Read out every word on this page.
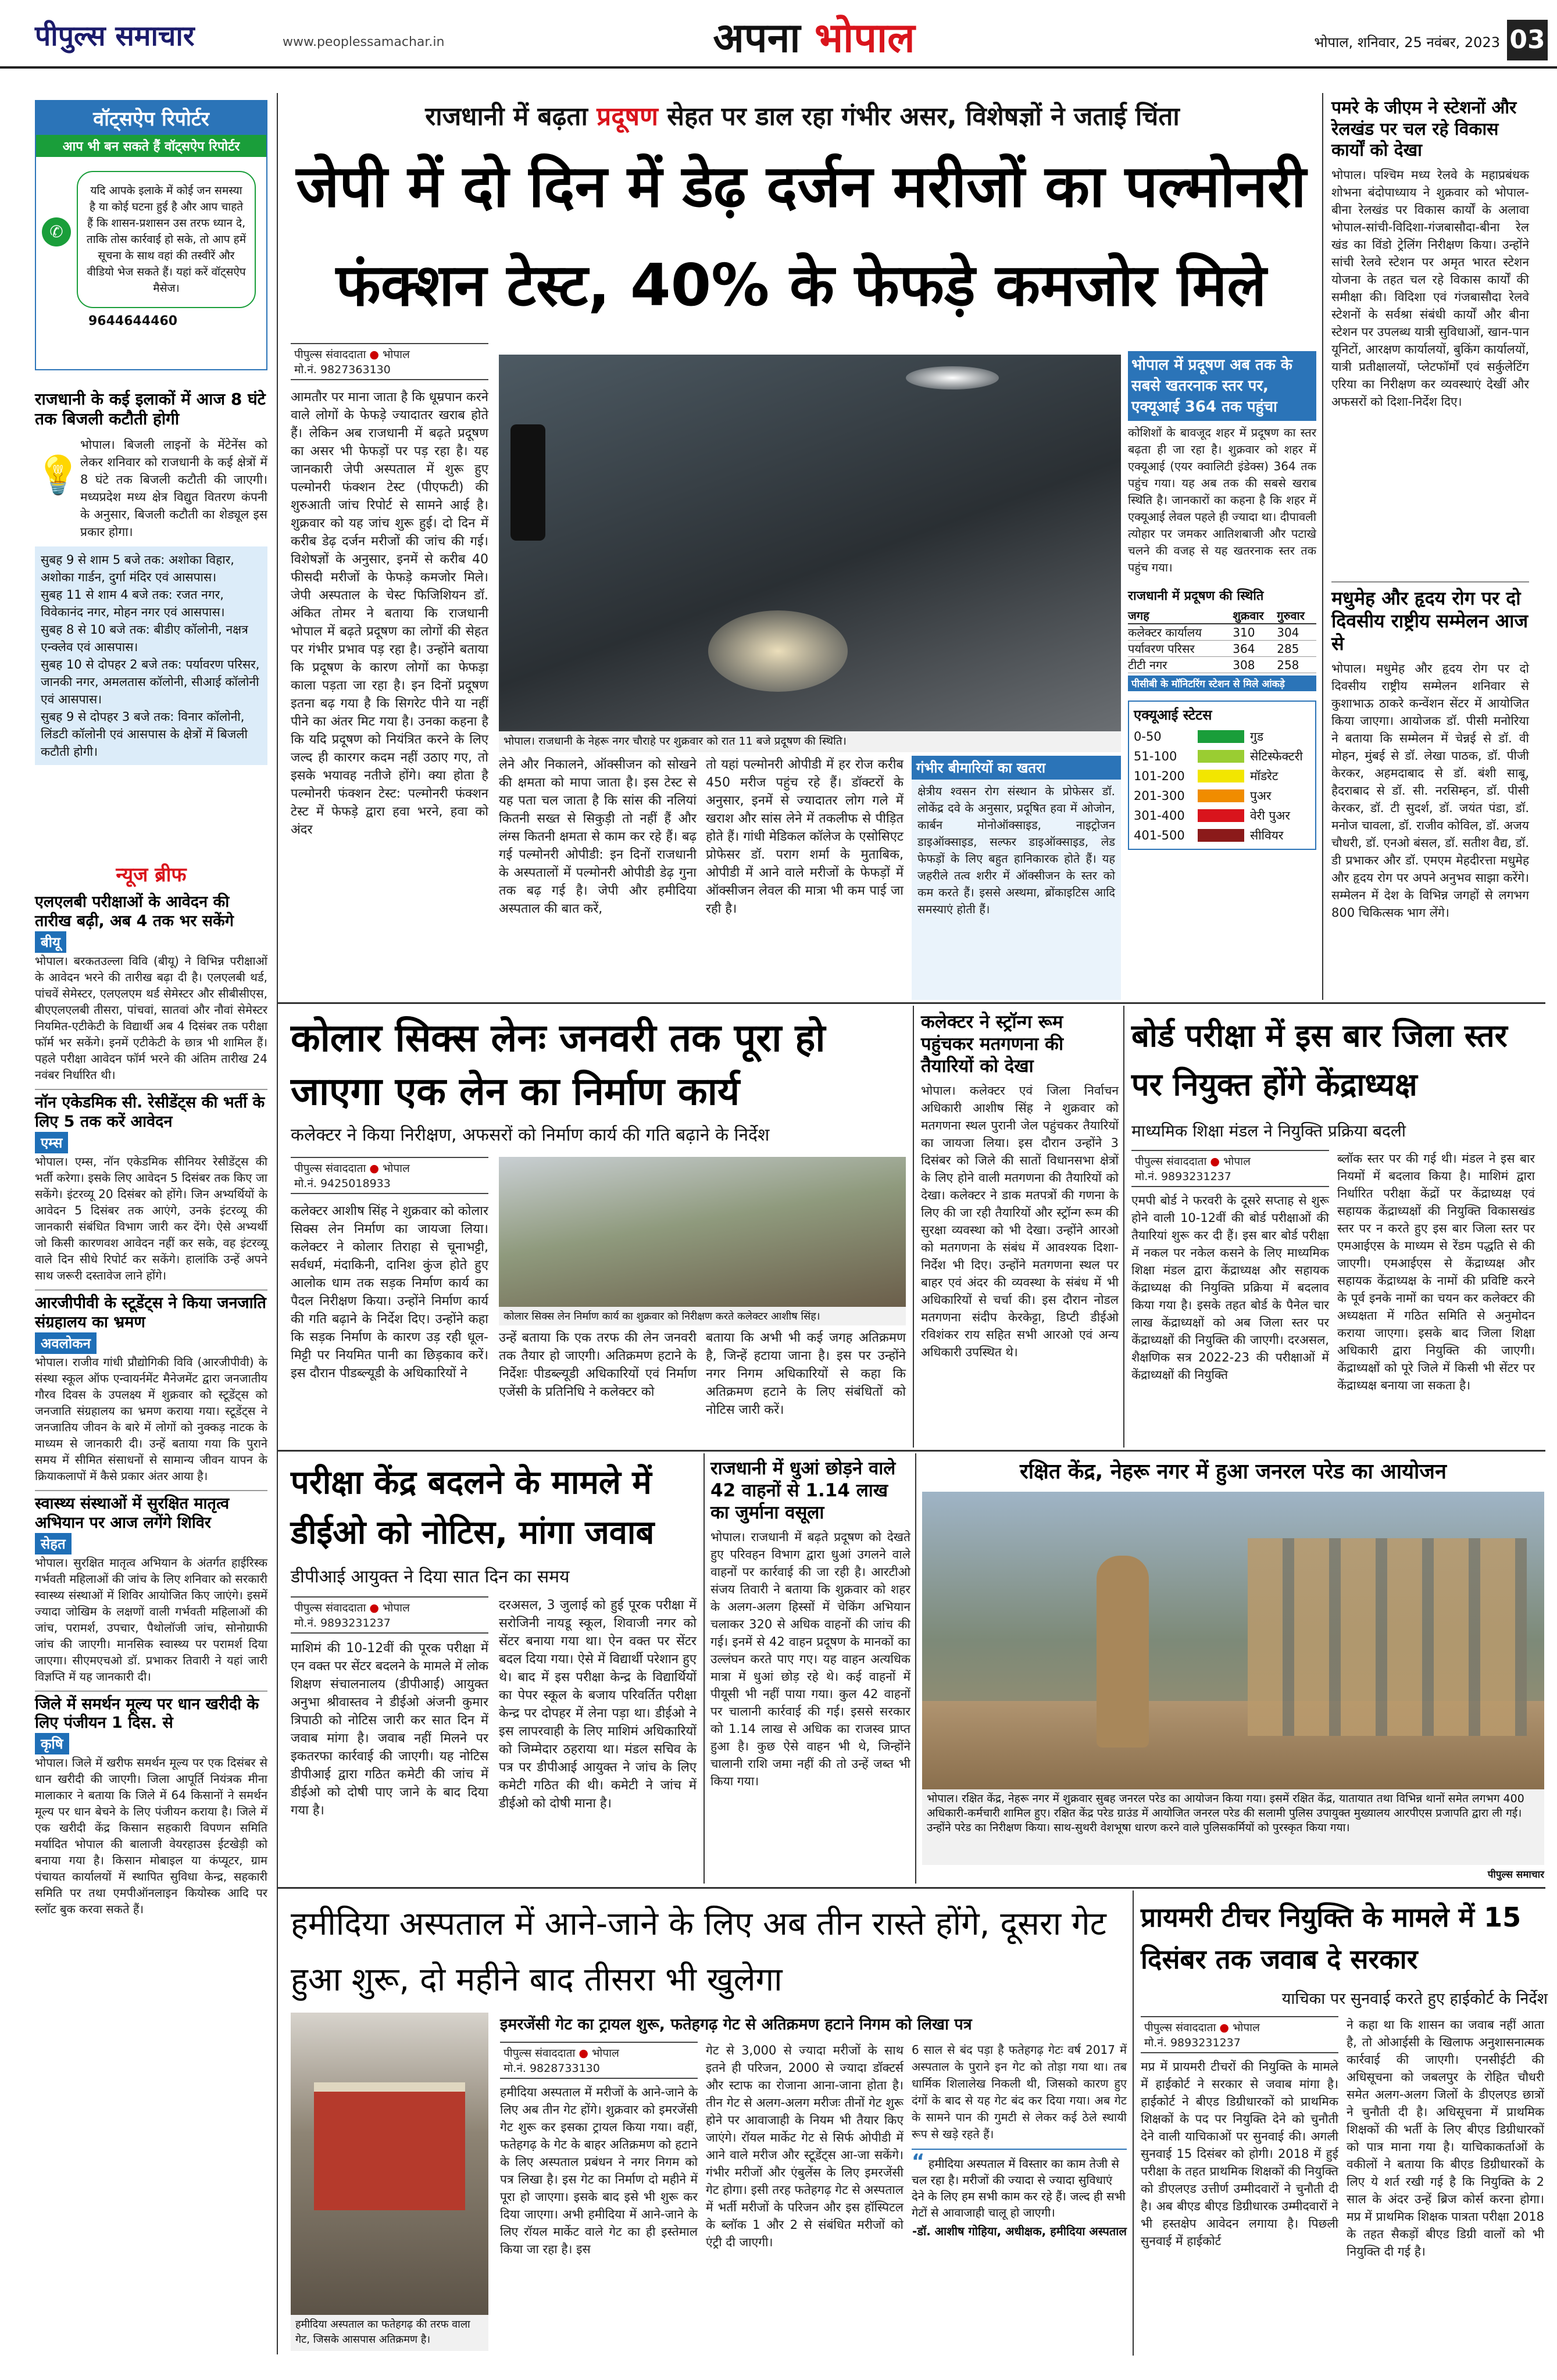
पीपुल्स समाचार	www.peoplessamachar.in	अपना भोपाल	भोपाल, शनिवार, 25 नवंबर, 2023 03
वॉट्सऐप रिपोर्टर
आप भी बन सकते हैं वॉट्सऐप रिपोर्टर
यदि आपके इलाके में कोई जन समस्या है या कोई घटना हुई है और आप चाहते हैं कि शासन-प्रशासन उस तरफ ध्यान दे, ताकि तोस कार्रवाई हो सके, तो आप हमें सूचना के साथ वहां की तस्वीरें और वीडियो भेज सकते हैं। यहां करें वॉट्सऐप मैसेज।
9644644460
✆
राजधानी के कई इलाकों में आज 8 घंटे तक बिजली कटौती होगी
💡
भोपाल। बिजली लाइनों के मेंटेनेंस को लेकर शनिवार को राजधानी के कई क्षेत्रों में 8 घंटे तक बिजली कटौती की जाएगी। मध्यप्रदेश मध्य क्षेत्र विद्युत वितरण कंपनी के अनुसार, बिजली कटौती का शेड्यूल इस प्रकार होगा।
सुबह 9 से शाम 5 बजे तक: अशोका विहार, अशोका गार्डन, दुर्गा मंदिर एवं आसपास।
सुबह 11 से शाम 4 बजे तक: रजत नगर, विवेकानंद नगर, मोहन नगर एवं आसपास।
सुबह 8 से 10 बजे तक: बीडीए कॉलोनी, नक्षत्र एन्क्लेव एवं आसपास।
सुबह 10 से दोपहर 2 बजे तक: पर्यावरण परिसर, जानकी नगर, अमलतास कॉलोनी, सीआई कॉलोनी एवं आसपास।
सुबह 9 से दोपहर 3 बजे तक: विनार कॉलोनी, लिंडटी कॉलोनी एवं आसपास के क्षेत्रों में बिजली कटौती होगी।
न्यूज ब्रीफ
एलएलबी परीक्षाओं के आवेदन की तारीख बढ़ी, अब 4 तक भर सकेंगे
बीयू
भोपाल। बरकतउल्ला विवि (बीयू) ने विभिन्न परीक्षाओं के आवेदन भरने की तारीख बढ़ा दी है। एलएलबी थर्ड, पांचवें सेमेस्टर, एलएलएम थर्ड सेमेस्टर और सीबीसीएस, बीएएलएलबी तीसरा, पांचवां, सातवां और नौवां सेमेस्टर नियमित-एटीकेटी के विद्यार्थी अब 4 दिसंबर तक परीक्षा फॉर्म भर सकेंगे। इनमें एटीकेटी के छात्र भी शामिल हैं। पहले परीक्षा आवेदन फॉर्म भरने की अंतिम तारीख 24 नवंबर निर्धारित थी।
नॉन एकेडमिक सी. रेसीडेंट्स की भर्ती के लिए 5 तक करें आवेदन
एम्स
भोपाल। एम्स, नॉन एकेडमिक सीनियर रेसीडेंट्स की भर्ती करेगा। इसके लिए आवेदन 5 दिसंबर तक किए जा सकेंगे। इंटरव्यू 20 दिसंबर को होंगे। जिन अभ्यर्थियों के आवेदन 5 दिसंबर तक आएंगे, उनके इंटरव्यू की जानकारी संबंधित विभाग जारी कर देंगे। ऐसे अभ्यर्थी जो किसी कारणवश आवेदन नहीं कर सके, वह इंटरव्यू वाले दिन सीधे रिपोर्ट कर सकेंगे। हालांकि उन्हें अपने साथ जरूरी दस्तावेज लाने होंगे।
आरजीपीवी के स्टूडेंट्स ने किया जनजाति संग्रहालय का भ्रमण
अवलोकन
भोपाल। राजीव गांधी प्रौद्योगिकी विवि (आरजीपीवी) के संस्था स्कूल ऑफ एन्वायर्नमेंट मैनेजमेंट द्वारा जनजातीय गौरव दिवस के उपलक्ष्य में शुक्रवार को स्टूडेंट्स को जनजाति संग्रहालय का भ्रमण कराया गया। स्टूडेंट्स ने जनजातिय जीवन के बारे में लोगों को नुक्कड़ नाटक के माध्यम से जानकारी दी। उन्हें बताया गया कि पुराने समय में सीमित संसाधनों से सामान्य जीवन यापन के क्रियाकलापों में कैसे प्रकार अंतर आया है।
स्वास्थ्य संस्थाओं में सुरक्षित मातृत्व अभियान पर आज लगेंगे शिविर
सेहत
भोपाल। सुरक्षित मातृत्व अभियान के अंतर्गत हाईरिस्क गर्भवती महिलाओं की जांच के लिए शनिवार को सरकारी स्वास्थ्य संस्थाओं में शिविर आयोजित किए जाएंगे। इसमें ज्यादा जोखिम के लक्षणों वाली गर्भवती महिलाओं की जांच, परामर्श, उपचार, पैथोलॉजी जांच, सोनोग्राफी जांच की जाएगी। मानसिक स्वास्थ्य पर परामर्श दिया जाएगा। सीएमएचओ डॉ. प्रभाकर तिवारी ने यहां जारी विज्ञप्ति में यह जानकारी दी।
जिले में समर्थन मूल्य पर धान खरीदी के लिए पंजीयन 1 दिस. से
कृषि
भोपाल। जिले में खरीफ समर्थन मूल्य पर एक दिसंबर से धान खरीदी की जाएगी। जिला आपूर्ति नियंत्रक मीना मालाकार ने बताया कि जिले में 64 किसानों ने समर्थन मूल्य पर धान बेचने के लिए पंजीयन कराया है। जिले में एक खरीदी केंद्र किसान सहकारी विपणन समिति मर्यादित भोपाल की बालाजी वेयरहाउस ईटखेड़ी को बनाया गया है। किसान मोबाइल या कंप्यूटर, ग्राम पंचायत कार्यालयों में स्थापित सुविधा केन्द्र, सहकारी समिति पर तथा एमपीऑनलाइन कियोस्क आदि पर स्लॉट बुक करवा सकते हैं।
राजधानी में बढ़ता प्रदूषण सेहत पर डाल रहा गंभीर असर, विशेषज्ञों ने जताई चिंता
जेपी में दो दिन में डेढ़ दर्जन मरीजों का पल्मोनरी फंक्शन टेस्ट, 40% के फेफड़े कमजोर मिले
पीपुल्स संवाददाता ● भोपाल
मो.नं. 9827363130
आमतौर पर माना जाता है कि धूम्रपान करने वाले लोगों के फेफड़े ज्यादातर खराब होते हैं। लेकिन अब राजधानी में बढ़ते प्रदूषण का असर भी फेफड़ों पर पड़ रहा है। यह जानकारी जेपी अस्पताल में शुरू हुए पल्मोनरी फंक्शन टेस्ट (पीएफटी) की शुरुआती जांच रिपोर्ट से सामने आई है। शुक्रवार को यह जांच शुरू हुई। दो दिन में करीब डेढ़ दर्जन मरीजों की जांच की गई। विशेषज्ञों के अनुसार, इनमें से करीब 40 फीसदी मरीजों के फेफड़े कमजोर मिले। जेपी अस्पताल के चेस्ट फिजिशियन डॉ. अंकित तोमर ने बताया कि राजधानी भोपाल में बढ़ते प्रदूषण का लोगों की सेहत पर गंभीर प्रभाव पड़ रहा है। उन्होंने बताया कि प्रदूषण के कारण लोगों का फेफड़ा काला पड़ता जा रहा है। इन दिनों प्रदूषण इतना बढ़ गया है कि सिगरेट पीने या नहीं पीने का अंतर मिट गया है। उनका कहना है कि यदि प्रदूषण को नियंत्रित करने के लिए जल्द ही कारगर कदम नहीं उठाए गए, तो इसके भयावह नतीजे होंगे। क्या होता है पल्मोनरी फंक्शन टेस्ट: पल्मोनरी फंक्शन टेस्ट में फेफड़े द्वारा हवा भरने, हवा को अंदर
भोपाल। राजधानी के नेहरू नगर चौराहे पर शुक्रवार को रात 11 बजे प्रदूषण की स्थिति।
लेने और निकालने, ऑक्सीजन को सोखने की क्षमता को मापा जाता है। इस टेस्ट से यह पता चल जाता है कि सांस की नलियां कितनी सख्त से सिकुड़ी तो नहीं हैं और लंग्स कितनी क्षमता से काम कर रहे हैं। बढ़ गई पल्मोनरी ओपीडी: इन दिनों राजधानी के अस्पतालों में पल्मोनरी ओपीडी डेढ़ गुना तक बढ़ गई है। जेपी और हमीदिया अस्पताल की बात करें,
तो यहां पल्मोनरी ओपीडी में हर रोज करीब 450 मरीज पहुंच रहे हैं। डॉक्टरों के अनुसार, इनमें से ज्यादातर लोग गले में खराश और सांस लेने में तकलीफ से पीड़ित होते हैं। गांधी मेडिकल कॉलेज के एसोसिएट प्रोफेसर डॉ. पराग शर्मा के मुताबिक, ओपीडी में आने वाले मरीजों के फेफड़ों में ऑक्सीजन लेवल की मात्रा भी कम पाई जा रही है।
गंभीर बीमारियों का खतरा
क्षेत्रीय श्वसन रोग संस्थान के प्रोफेसर डॉ. लोकेंद्र दवे के अनुसार, प्रदूषित हवा में ओजोन, कार्बन मोनोऑक्साइड, नाइट्रोजन डाइऑक्साइड, सल्फर डाइऑक्साइड, लेड फेफड़ों के लिए बहुत हानिकारक होते हैं। यह जहरीले तत्व शरीर में ऑक्सीजन के स्तर को कम करते हैं। इससे अस्थमा, ब्रोंकाइटिस आदि समस्याएं होती हैं।
भोपाल में प्रदूषण अब तक के सबसे खतरनाक स्तर पर, एक्यूआई 364 तक पहुंचा
कोशिशों के बावजूद शहर में प्रदूषण का स्तर बढ़ता ही जा रहा है। शुक्रवार को शहर में एक्यूआई (एयर क्वालिटी इंडेक्स) 364 तक पहुंच गया। यह अब तक की सबसे खराब स्थिति है। जानकारों का कहना है कि शहर में एक्यूआई लेवल पहले ही ज्यादा था। दीपावली त्योहार पर जमकर आतिशबाजी और पटाखे चलने की वजह से यह खतरनाक स्तर तक पहुंच गया।
राजधानी में प्रदूषण की स्थिति
जगह	शुक्रवार	गुरुवार
कलेक्टर कार्यालय	310	304
पर्यावरण परिसर	364	285
टीटी नगर	308	258
पीसीबी के मॉनिटरिंग स्टेशन से मिले आंकड़े
एक्यूआई स्टेटस
0-50	गुड
51-100	सेटिस्फेक्टरी
101-200	मॉडरेट
201-300	पुअर
301-400	वेरी पुअर
401-500	सीवियर
पमरे के जीएम ने स्टेशनों और रेलखंड पर चल रहे विकास कार्यों को देखा
भोपाल। पश्चिम मध्य रेलवे के महाप्रबंधक शोभना बंदोपाध्याय ने शुक्रवार को भोपाल-बीना रेलखंड पर विकास कार्यों के अलावा भोपाल-सांची-विदिशा-गंजबासौदा-बीना रेल खंड का विंडो ट्रेलिंग निरीक्षण किया। उन्होंने सांची रेलवे स्टेशन पर अमृत भारत स्टेशन योजना के तहत चल रहे विकास कार्यों की समीक्षा की। विदिशा एवं गंजबासौदा रेलवे स्टेशनों के सर्वश्रा संबंधी कार्यों और बीना स्टेशन पर उपलब्ध यात्री सुविधाओं, खान-पान यूनिटों, आरक्षण कार्यालयों, बुकिंग कार्यालयों, यात्री प्रतीक्षालयों, प्लेटफॉर्मों एवं सर्कुलेटिंग एरिया का निरीक्षण कर व्यवस्थाएं देखीं और अफसरों को दिशा-निर्देश दिए।
मधुमेह और हृदय रोग पर दो दिवसीय राष्ट्रीय सम्मेलन आज से
भोपाल। मधुमेह और हृदय रोग पर दो दिवसीय राष्ट्रीय सम्मेलन शनिवार से कुशाभाऊ ठाकरे कन्वेंशन सेंटर में आयोजित किया जाएगा। आयोजक डॉ. पीसी मनोरिया ने बताया कि सम्मेलन में चेन्नई से डॉ. वी मोहन, मुंबई से डॉ. लेखा पाठक, डॉ. पीजी केरकर, अहमदाबाद से डॉ. बंशी साबू, हैदराबाद से डॉ. सी. नरसिम्हन, डॉ. पीसी केरकर, डॉ. टी सुदर्श, डॉ. जयंत पंडा, डॉ. मनोज चावला, डॉ. राजीव कोविल, डॉ. अजय चौधरी, डॉ. एनओ बंसल, डॉ. सतीश वैद्य, डॉ. डी प्रभाकर और डॉ. एमएम मेहदीरत्ता मधुमेह और हृदय रोग पर अपने अनुभव साझा करेंगे। सम्मेलन में देश के विभिन्न जगहों से लगभग 800 चिकित्सक भाग लेंगे।
कोलार सिक्स लेनः जनवरी तक पूरा हो जाएगा एक लेन का निर्माण कार्य
कलेक्टर ने किया निरीक्षण, अफसरों को निर्माण कार्य की गति बढ़ाने के निर्देश
पीपुल्स संवाददाता ● भोपाल
मो.नं. 9425018933
कलेक्टर आशीष सिंह ने शुक्रवार को कोलार सिक्स लेन निर्माण का जायजा लिया। कलेक्टर ने कोलार तिराहा से चूनाभट्टी, सर्वधर्म, मंदाकिनी, दानिश कुंज होते हुए आलोक धाम तक सड़क निर्माण कार्य का पैदल निरीक्षण किया। उन्होंने निर्माण कार्य की गति बढ़ाने के निर्देश दिए। उन्होंने कहा कि सड़क निर्माण के कारण उड़ रही धूल-मिट्टी पर नियमित पानी का छिड़काव करें। इस दौरान पीडब्ल्यूडी के अधिकारियों ने
कोलार सिक्स लेन निर्माण कार्य का शुक्रवार को निरीक्षण करते कलेक्टर आशीष सिंह।
उन्हें बताया कि एक तरफ की लेन जनवरी तक तैयार हो जाएगी। अतिक्रमण हटाने के निर्देशः पीडब्ल्यूडी अधिकारियों एवं निर्माण एजेंसी के प्रतिनिधि ने कलेक्टर को
बताया कि अभी भी कई जगह अतिक्रमण है, जिन्हें हटाया जाना है। इस पर उन्होंने नगर निगम अधिकारियों से कहा कि अतिक्रमण हटाने के लिए संबंधितों को नोटिस जारी करें।
कलेक्टर ने स्ट्रॉन्ग रूम पहुंचकर मतगणना की तैयारियों को देखा
भोपाल। कलेक्टर एवं जिला निर्वाचन अधिकारी आशीष सिंह ने शुक्रवार को मतगणना स्थल पुरानी जेल पहुंचकर तैयारियों का जायजा लिया। इस दौरान उन्होंने 3 दिसंबर को जिले की सातों विधानसभा क्षेत्रों के लिए होने वाली मतगणना की तैयारियों को देखा। कलेक्टर ने डाक मतपत्रों की गणना के लिए की जा रही तैयारियों और स्ट्रॉन्ग रूम की सुरक्षा व्यवस्था को भी देखा। उन्होंने आरओ को मतगणना के संबंध में आवश्यक दिशा-निर्देश भी दिए। उन्होंने मतगणना स्थल पर बाहर एवं अंदर की व्यवस्था के संबंध में भी अधिकारियों से चर्चा की। इस दौरान नोडल मतगणना संदीप केरकेट्टा, डिप्टी डीईओ रविशंकर राय सहित सभी आरओ एवं अन्य अधिकारी उपस्थित थे।
बोर्ड परीक्षा में इस बार जिला स्तर पर नियुक्त होंगे केंद्राध्यक्ष
माध्यमिक शिक्षा मंडल ने नियुक्ति प्रक्रिया बदली
पीपुल्स संवाददाता ● भोपाल
मो.नं. 9893231237
एमपी बोर्ड ने फरवरी के दूसरे सप्ताह से शुरू होने वाली 10-12वीं की बोर्ड परीक्षाओं की तैयारियां शुरू कर दी हैं। इस बार बोर्ड परीक्षा में नकल पर नकेल कसने के लिए माध्यमिक शिक्षा मंडल द्वारा केंद्राध्यक्ष और सहायक केंद्राध्यक्ष की नियुक्ति प्रक्रिया में बदलाव किया गया है। इसके तहत बोर्ड के पैनेल चार लाख केंद्राध्यक्षों को अब जिला स्तर पर केंद्राध्यक्षों की नियुक्ति की जाएगी। दरअसल, शैक्षणिक सत्र 2022-23 की परीक्षाओं में केंद्राध्यक्षों की नियुक्ति
ब्लॉक स्तर पर की गई थी। मंडल ने इस बार नियमों में बदलाव किया है। माशिमं द्वारा निर्धारित परीक्षा केंद्रों पर केंद्राध्यक्ष एवं सहायक केंद्राध्यक्षों की नियुक्ति विकासखंड स्तर पर न करते हुए इस बार जिला स्तर पर एमआईएस के माध्यम से रेंडम पद्धति से की जाएगी। एमआईएस से केंद्राध्यक्ष और सहायक केंद्राध्यक्ष के नामों की प्रविष्टि करने के पूर्व इनके नामों का चयन कर कलेक्टर की अध्यक्षता में गठित समिति से अनुमोदन कराया जाएगा। इसके बाद जिला शिक्षा अधिकारी द्वारा नियुक्ति की जाएगी। केंद्राध्यक्षों को पूरे जिले में किसी भी सेंटर पर केंद्राध्यक्ष बनाया जा सकता है।
परीक्षा केंद्र बदलने के मामले में डीईओ को नोटिस, मांगा जवाब
डीपीआई आयुक्त ने दिया सात दिन का समय
पीपुल्स संवाददाता ● भोपाल
मो.नं. 9893231237
माशिमं की 10-12वीं की पूरक परीक्षा में एन वक्त पर सेंटर बदलने के मामले में लोक शिक्षण संचालनालय (डीपीआई) आयुक्त अनुभा श्रीवास्तव ने डीईओ अंजनी कुमार त्रिपाठी को नोटिस जारी कर सात दिन में जवाब मांगा है। जवाब नहीं मिलने पर इकतरफा कार्रवाई की जाएगी। यह नोटिस डीपीआई द्वारा गठित कमेटी की जांच में डीईओ को दोषी पाए जाने के बाद दिया गया है।
दरअसल, 3 जुलाई को हुई पूरक परीक्षा में सरोजिनी नायडू स्कूल, शिवाजी नगर को सेंटर बनाया गया था। ऐन वक्त पर सेंटर बदल दिया गया। ऐसे में विद्यार्थी परेशान हुए थे। बाद में इस परीक्षा केन्द्र के विद्यार्थियों का पेपर स्कूल के बजाय परिवर्तित परीक्षा केन्द्र पर दोपहर में लेना पड़ा था। डीईओ ने इस लापरवाही के लिए माशिमं अधिकारियों को जिम्मेदार ठहराया था। मंडल सचिव के पत्र पर डीपीआई आयुक्त ने जांच के लिए कमेटी गठित की थी। कमेटी ने जांच में डीईओ को दोषी माना है।
राजधानी में धुआं छोड़ने वाले 42 वाहनों से 1.14 लाख का जुर्माना वसूला
भोपाल। राजधानी में बढ़ते प्रदूषण को देखते हुए परिवहन विभाग द्वारा धुआं उगलने वाले वाहनों पर कार्रवाई की जा रही है। आरटीओ संजय तिवारी ने बताया कि शुक्रवार को शहर के अलग-अलग हिस्सों में चेकिंग अभियान चलाकर 320 से अधिक वाहनों की जांच की गई। इनमें से 42 वाहन प्रदूषण के मानकों का उल्लंघन करते पाए गए। यह वाहन अत्यधिक मात्रा में धुआं छोड़ रहे थे। कई वाहनों में पीयूसी भी नहीं पाया गया। कुल 42 वाहनों पर चालानी कार्रवाई की गई। इससे सरकार को 1.14 लाख से अधिक का राजस्व प्राप्त हुआ है। कुछ ऐसे वाहन भी थे, जिन्होंने चालानी राशि जमा नहीं की तो उन्हें जब्त भी किया गया।
रक्षित केंद्र, नेहरू नगर में हुआ जनरल परेड का आयोजन
भोपाल। रक्षित केंद्र, नेहरू नगर में शुक्रवार सुबह जनरल परेड का आयोजन किया गया। इसमें रक्षित केंद्र, यातायात तथा विभिन्न थानों समेत लगभग 400 अधिकारी-कर्मचारी शामिल हुए। रक्षित केंद्र परेड ग्राउंड में आयोजित जनरल परेड की सलामी पुलिस उपायुक्त मुख्यालय आरपीएस प्रजापति द्वारा ली गई। उन्होंने परेड का निरीक्षण किया। साथ-सुथरी वेशभूषा धारण करने वाले पुलिसकर्मियों को पुरस्कृत किया गया।
पीपुल्स समाचार
हमीदिया अस्पताल में आने-जाने के लिए अब तीन रास्ते होंगे, दूसरा गेट हुआ शुरू, दो महीने बाद तीसरा भी खुलेगा
इमरजेंसी गेट का ट्रायल शुरू, फतेहगढ़ गेट से अतिक्रमण हटाने निगम को लिखा पत्र
हमीदिया अस्पताल का फतेहगढ़ की तरफ वाला गेट, जिसके आसपास अतिक्रमण है।
पीपुल्स संवाददाता ● भोपाल
मो.नं. 9828733130
हमीदिया अस्पताल में मरीजों के आने-जाने के लिए अब तीन गेट होंगे। शुक्रवार को इमरजेंसी गेट शुरू कर इसका ट्रायल किया गया। वहीं, फतेहगढ़ के गेट के बाहर अतिक्रमण को हटाने के लिए अस्पताल प्रबंधन ने नगर निगम को पत्र लिखा है। इस गेट का निर्माण दो महीने में पूरा हो जाएगा। इसके बाद इसे भी शुरू कर दिया जाएगा। अभी हमीदिया में आने-जाने के लिए रॉयल मार्केट वाले गेट का ही इस्तेमाल किया जा रहा है। इस
गेट से 3,000 से ज्यादा मरीजों के साथ इतने ही परिजन, 2000 से ज्यादा डॉक्टर्स और स्टाफ का रोजाना आना-जाना होता है। तीन गेट से अलग-अलग मरीजः तीनों गेट शुरू होने पर आवाजाही के नियम भी तैयार किए जाएंगे। रॉयल मार्केट गेट से सिर्फ ओपीडी में आने वाले मरीज और स्टूडेंट्स आ-जा सकेंगे। गंभीर मरीजों और एंबुलेंस के लिए इमरजेंसी गेट होगा। इसी तरह फतेहगढ़ गेट से अस्पताल में भर्ती मरीजों के परिजन और इस हॉस्पिटल के ब्लॉक 1 और 2 से संबंधित मरीजों को एंट्री दी जाएगी।
6 साल से बंद पड़ा है फतेहगढ़ गेटः वर्ष 2017 में अस्पताल के पुराने इन गेट को तोड़ा गया था। तब धार्मिक शिलालेख निकली थी, जिसको कारण हुए दंगों के बाद से यह गेट बंद कर दिया गया। अब गेट के सामने पान की गुमटी से लेकर कई ठेले स्थायी रूप से खड़े रहते हैं।
“ हमीदिया अस्पताल में विस्तार का काम तेजी से चल रहा है। मरीजों की ज्यादा से ज्यादा सुविधाएं देने के लिए हम सभी काम कर रहे हैं। जल्द ही सभी गेटों से आवाजाही चालू हो जाएगी।
-डॉ. आशीष गोहिया, अधीक्षक, हमीदिया अस्पताल
प्रायमरी टीचर नियुक्ति के मामले में 15 दिसंबर तक जवाब दे सरकार
याचिका पर सुनवाई करते हुए हाईकोर्ट के निर्देश
पीपुल्स संवाददाता ● भोपाल
मो.नं. 9893231237
मप्र में प्रायमरी टीचरों की नियुक्ति के मामले में हाईकोर्ट ने सरकार से जवाब मांगा है। हाईकोर्ट ने बीएड डिग्रीधारकों को प्राथमिक शिक्षकों के पद पर नियुक्ति देने को चुनौती देने वाली याचिकाओं पर सुनवाई की। अगली सुनवाई 15 दिसंबर को होगी। 2018 में हुई परीक्षा के तहत प्राथमिक शिक्षकों की नियुक्ति को डीएलएड उत्तीर्ण उम्मीदवारों ने चुनौती दी है। अब बीएड बीएड डिग्रीधारक उम्मीदवारों ने भी हस्तक्षेप आवेदन लगाया है। पिछली सुनवाई में हाईकोर्ट
ने कहा था कि शासन का जवाब नहीं आता है, तो ओआईसी के खिलाफ अनुशासनात्मक कार्रवाई की जाएगी। एनसीईटी की अधिसूचना को जबलपुर के रोहित चौधरी समेत अलग-अलग जिलों के डीएलएड छात्रों ने चुनौती दी है। अधिसूचना में प्राथमिक शिक्षकों की भर्ती के लिए बीएड डिग्रीधारकों को पात्र माना गया है। याचिकाकर्ताओं के वकीलों ने बताया कि बीएड डिग्रीधारकों के लिए ये शर्त रखी गई है कि नियुक्ति के 2 साल के अंदर उन्हें ब्रिज कोर्स करना होगा। मप्र में प्राथमिक शिक्षक पात्रता परीक्षा 2018 के तहत सैकड़ों बीएड डिग्री वालों को भी नियुक्ति दी गई है।
